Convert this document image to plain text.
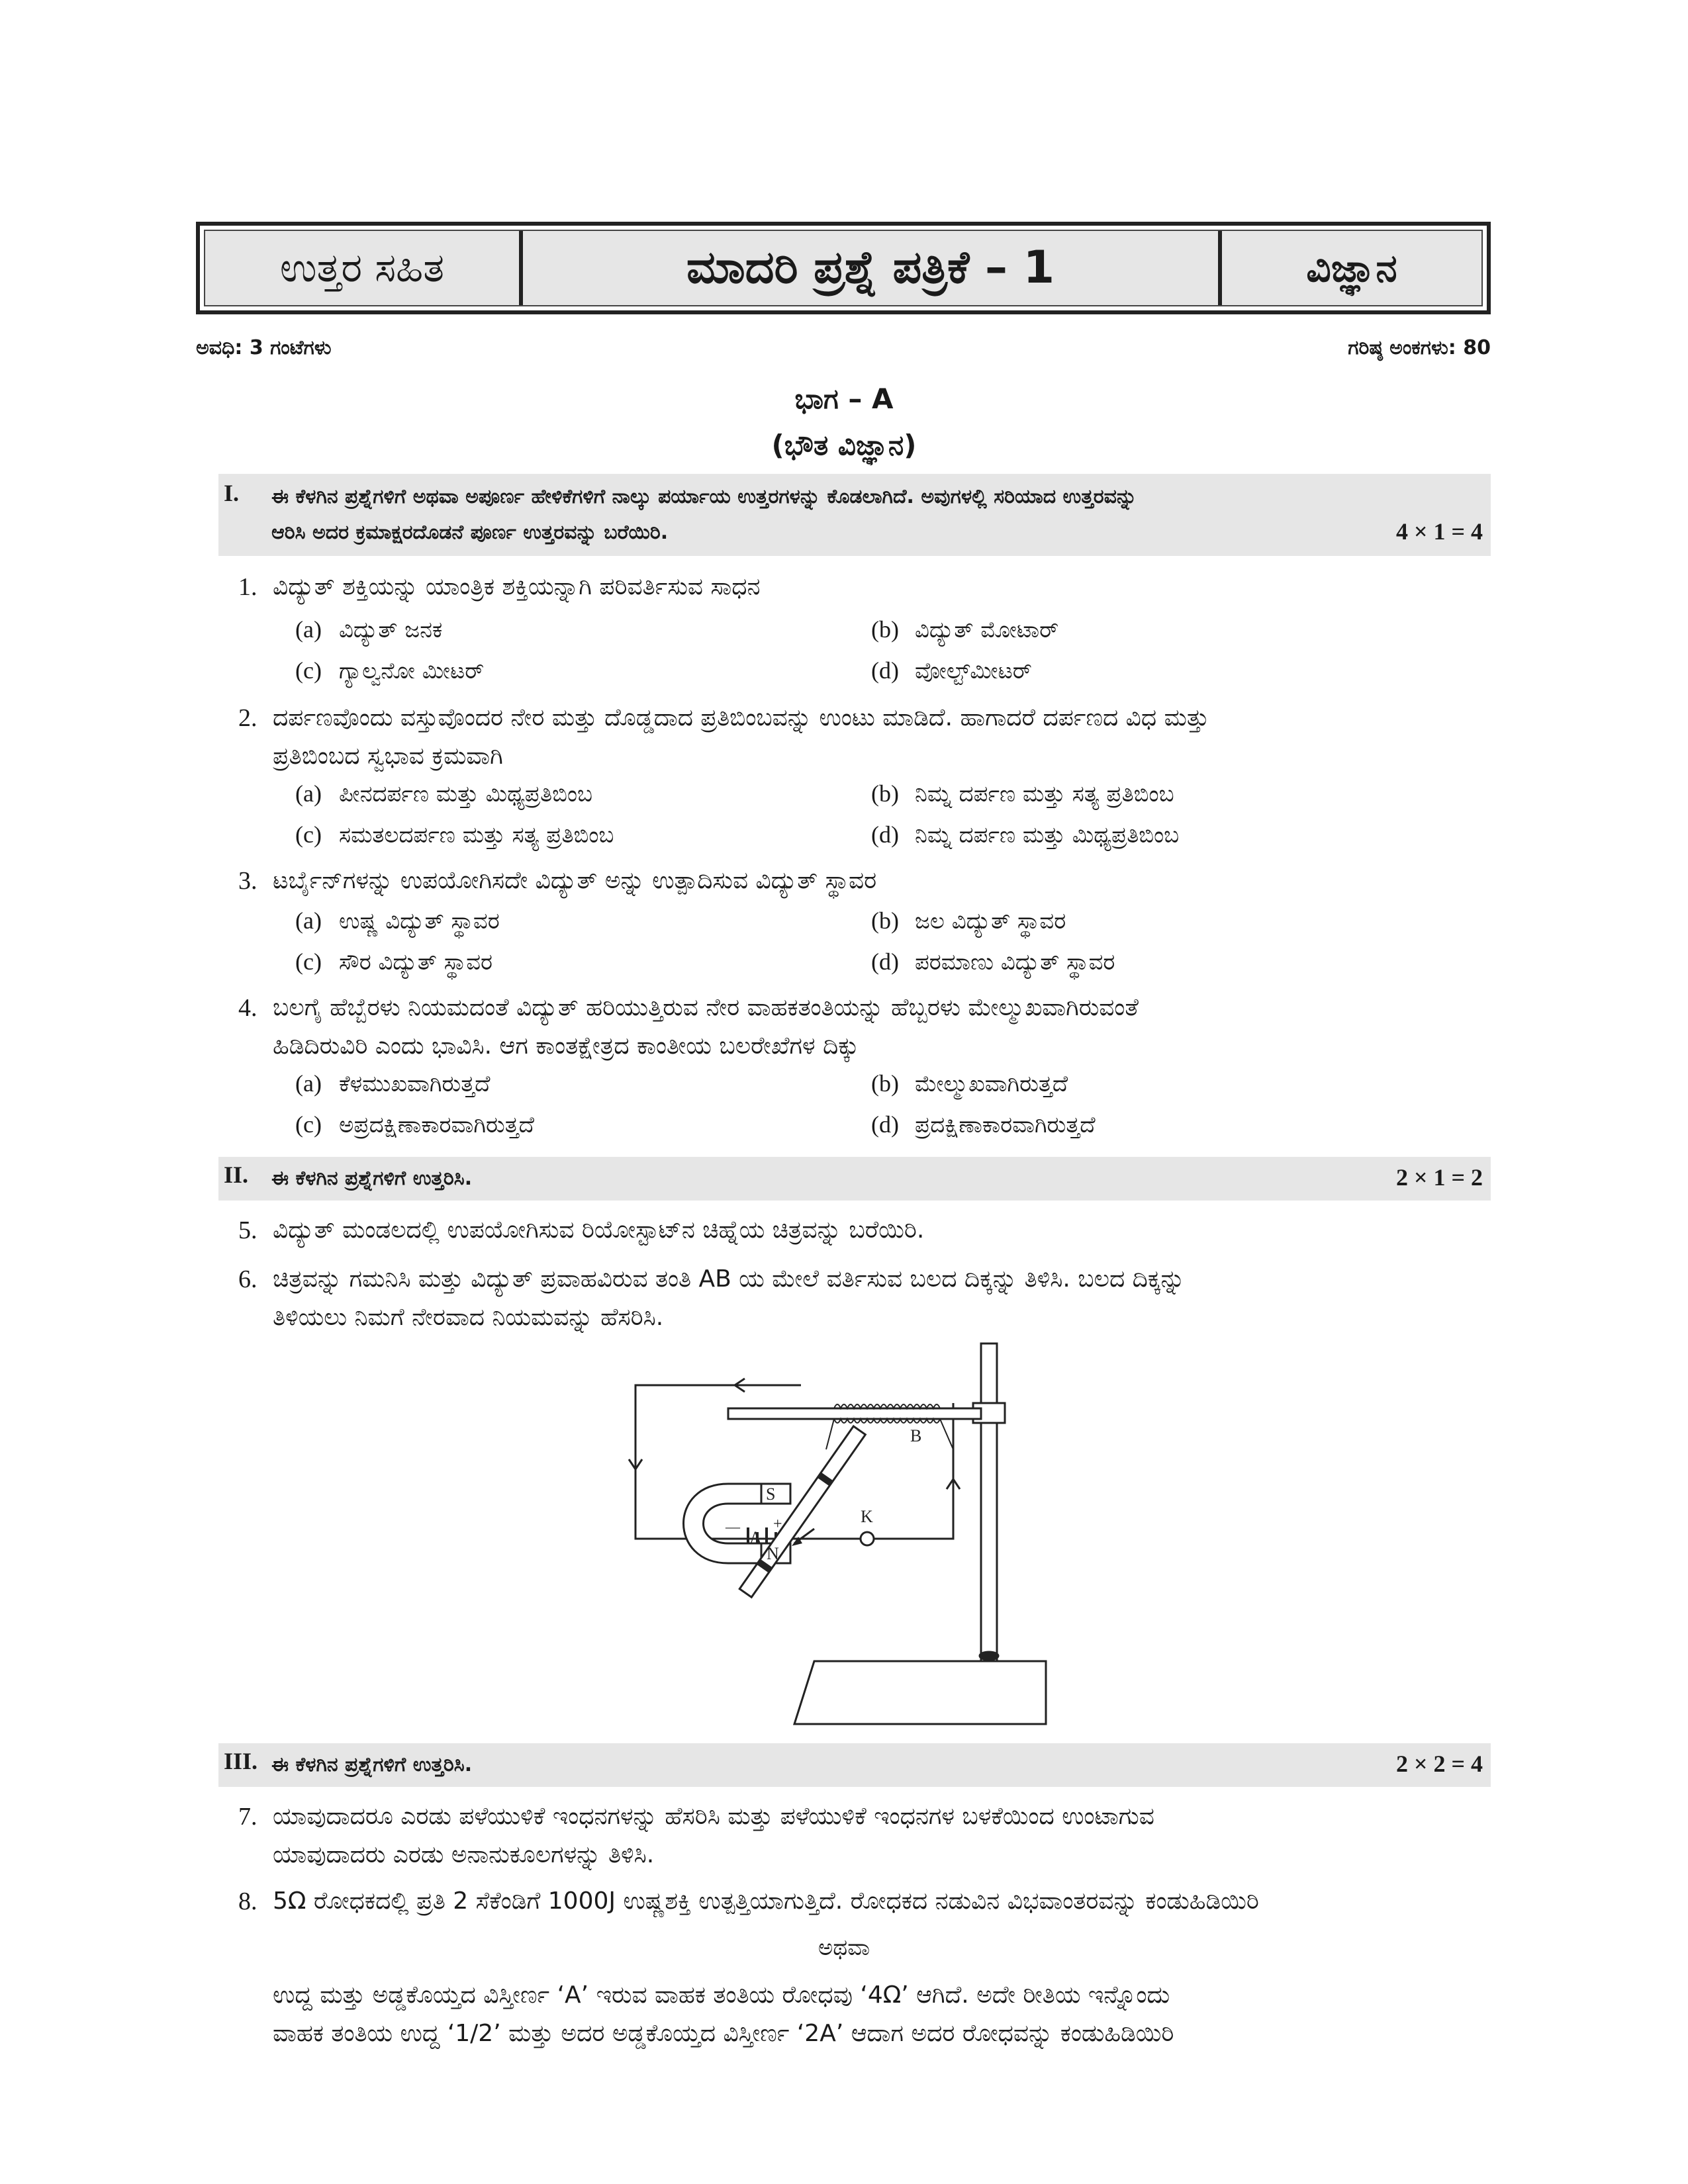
ಉತ್ತರ ಸಹಿತ	ಮಾದರಿ ಪ್ರಶ್ನೆ ಪತ್ರಿಕೆ – 1	ವಿಜ್ಞಾನ
ಅವಧಿ: 3 ಗಂಟೆಗಳು	ಗರಿಷ್ಠ ಅಂಕಗಳು: 80
ಭಾಗ – A
(ಭೌತ ವಿಜ್ಞಾನ)
I. ಈ ಕೆಳಗಿನ ಪ್ರಶ್ನೆಗಳಿಗೆ ಅಥವಾ ಅಪೂರ್ಣ ಹೇಳಿಕೆಗಳಿಗೆ ನಾಲ್ಕು ಪರ್ಯಾಯ ಉತ್ತರಗಳನ್ನು ಕೊಡಲಾಗಿದೆ. ಅವುಗಳಲ್ಲಿ ಸರಿಯಾದ ಉತ್ತರವನ್ನು
ಆರಿಸಿ ಅದರ ಕ್ರಮಾಕ್ಷರದೊಡನೆ ಪೂರ್ಣ ಉತ್ತರವನ್ನು ಬರೆಯಿರಿ.	4 × 1 = 4
1. ವಿದ್ಯುತ್ ಶಕ್ತಿಯನ್ನು ಯಾಂತ್ರಿಕ ಶಕ್ತಿಯನ್ನಾಗಿ ಪರಿವರ್ತಿಸುವ ಸಾಧನ
(a) ವಿದ್ಯುತ್ ಜನಕ	(b) ವಿದ್ಯುತ್ ಮೋಟಾರ್
(c) ಗ್ಯಾಲ್ವನೋ ಮೀಟರ್	(d) ವೋಲ್ಟ್‌ಮೀಟರ್
2. ದರ್ಪಣವೊಂದು ವಸ್ತುವೊಂದರ ನೇರ ಮತ್ತು ದೊಡ್ಡದಾದ ಪ್ರತಿಬಿಂಬವನ್ನು ಉಂಟು ಮಾಡಿದೆ. ಹಾಗಾದರೆ ದರ್ಪಣದ ವಿಧ ಮತ್ತು
ಪ್ರತಿಬಿಂಬದ ಸ್ವಭಾವ ಕ್ರಮವಾಗಿ
(a) ಪೀನದರ್ಪಣ ಮತ್ತು ಮಿಥ್ಯಪ್ರತಿಬಿಂಬ	(b) ನಿಮ್ನ ದರ್ಪಣ ಮತ್ತು ಸತ್ಯ ಪ್ರತಿಬಿಂಬ
(c) ಸಮತಲದರ್ಪಣ ಮತ್ತು ಸತ್ಯ ಪ್ರತಿಬಿಂಬ	(d) ನಿಮ್ನ ದರ್ಪಣ ಮತ್ತು ಮಿಥ್ಯಪ್ರತಿಬಿಂಬ
3. ಟರ್ಬೈನ್‌ಗಳನ್ನು ಉಪಯೋಗಿಸದೇ ವಿದ್ಯುತ್ ಅನ್ನು ಉತ್ಪಾದಿಸುವ ವಿದ್ಯುತ್ ಸ್ಥಾವರ
(a) ಉಷ್ಣ ವಿದ್ಯುತ್ ಸ್ಥಾವರ	(b) ಜಲ ವಿದ್ಯುತ್ ಸ್ಥಾವರ
(c) ಸೌರ ವಿದ್ಯುತ್ ಸ್ಥಾವರ	(d) ಪರಮಾಣು ವಿದ್ಯುತ್ ಸ್ಥಾವರ
4. ಬಲಗೈ ಹೆಬ್ಬೆರಳು ನಿಯಮದಂತೆ ವಿದ್ಯುತ್ ಹರಿಯುತ್ತಿರುವ ನೇರ ವಾಹಕತಂತಿಯನ್ನು ಹೆಬ್ಬರಳು ಮೇಲ್ಮುಖವಾಗಿರುವಂತೆ
ಹಿಡಿದಿರುವಿರಿ ಎಂದು ಭಾವಿಸಿ. ಆಗ ಕಾಂತಕ್ಷೇತ್ರದ ಕಾಂತೀಯ ಬಲರೇಖೆಗಳ ದಿಕ್ಕು
(a) ಕೆಳಮುಖವಾಗಿರುತ್ತದೆ	(b) ಮೇಲ್ಮುಖವಾಗಿರುತ್ತದೆ
(c) ಅಪ್ರದಕ್ಷಿಣಾಕಾರವಾಗಿರುತ್ತದೆ	(d) ಪ್ರದಕ್ಷಿಣಾಕಾರವಾಗಿರುತ್ತದೆ
II. ಈ ಕೆಳಗಿನ ಪ್ರಶ್ನೆಗಳಿಗೆ ಉತ್ತರಿಸಿ.	2 × 1 = 2
5. ವಿದ್ಯುತ್ ಮಂಡಲದಲ್ಲಿ ಉಪಯೋಗಿಸುವ ರಿಯೋಸ್ಟಾಟ್‌ನ ಚಿಹ್ನೆಯ ಚಿತ್ರವನ್ನು ಬರೆಯಿರಿ.
6. ಚಿತ್ರವನ್ನು ಗಮನಿಸಿ ಮತ್ತು ವಿದ್ಯುತ್ ಪ್ರವಾಹವಿರುವ ತಂತಿ AB ಯ ಮೇಲೆ ವರ್ತಿಸುವ ಬಲದ ದಿಕ್ಕನ್ನು ತಿಳಿಸಿ. ಬಲದ ದಿಕ್ಕನ್ನು
ತಿಳಿಯಲು ನಿಮಗೆ ನೇರವಾದ ನಿಯಮವನ್ನು ಹೆಸರಿಸಿ.
S
N
A
B
K
+
—
III. ಈ ಕೆಳಗಿನ ಪ್ರಶ್ನೆಗಳಿಗೆ ಉತ್ತರಿಸಿ.	2 × 2 = 4
7. ಯಾವುದಾದರೂ ಎರಡು ಪಳೆಯುಳಿಕೆ ಇಂಧನಗಳನ್ನು ಹೆಸರಿಸಿ ಮತ್ತು ಪಳೆಯುಳಿಕೆ ಇಂಧನಗಳ ಬಳಕೆಯಿಂದ ಉಂಟಾಗುವ
ಯಾವುದಾದರು ಎರಡು ಅನಾನುಕೂಲಗಳನ್ನು ತಿಳಿಸಿ.
8. 5Ω ರೋಧಕದಲ್ಲಿ ಪ್ರತಿ 2 ಸೆಕೆಂಡಿಗೆ 1000J ಉಷ್ಣಶಕ್ತಿ ಉತ್ಪತ್ತಿಯಾಗುತ್ತಿದೆ. ರೋಧಕದ ನಡುವಿನ ವಿಭವಾಂತರವನ್ನು ಕಂಡುಹಿಡಿಯಿರಿ
ಅಥವಾ
ಉದ್ದ ಮತ್ತು ಅಡ್ಡಕೊಯ್ತದ ವಿಸ್ತೀರ್ಣ ‘A’ ಇರುವ ವಾಹಕ ತಂತಿಯ ರೋಧವು ‘4Ω’ ಆಗಿದೆ. ಅದೇ ರೀತಿಯ ಇನ್ನೊಂದು
ವಾಹಕ ತಂತಿಯ ಉದ್ದ ‘1/2’ ಮತ್ತು ಅದರ ಅಡ್ಡಕೊಯ್ತದ ವಿಸ್ತೀರ್ಣ ‘2A’ ಆದಾಗ ಅದರ ರೋಧವನ್ನು ಕಂಡುಹಿಡಿಯಿರಿ
